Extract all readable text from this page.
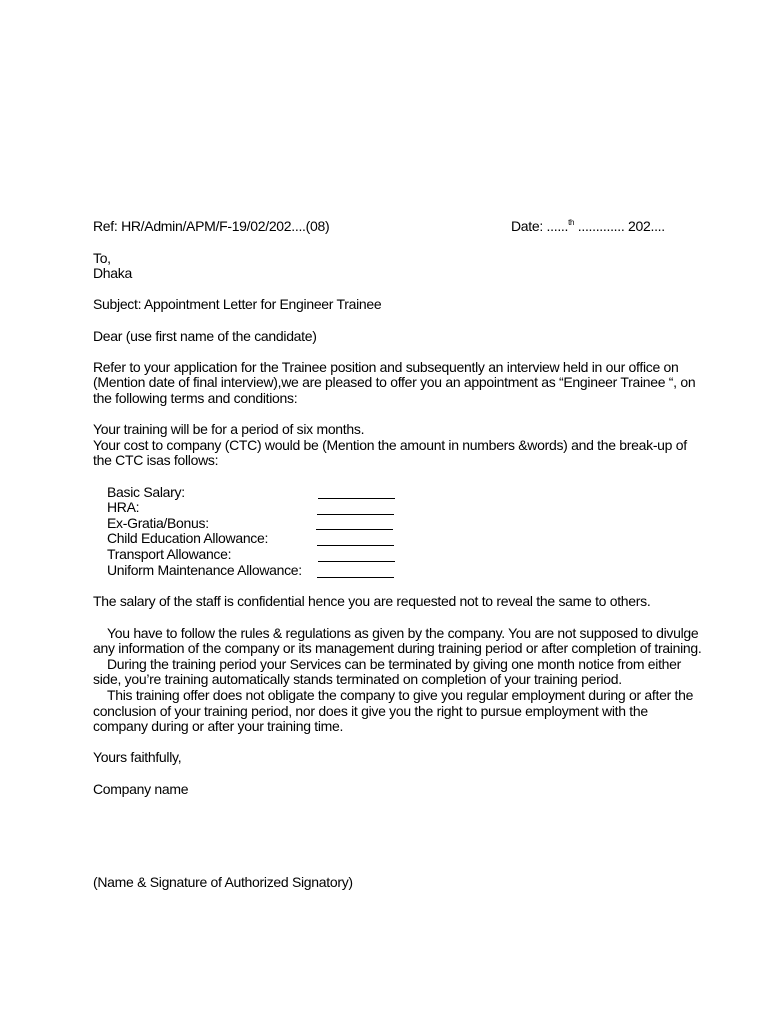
Ref: HR/Admin/APM/F-19/02/202....(08)	Date: ......$^{th}$ ............. 202....
To,
Dhaka
Subject: Appointment Letter for Engineer Trainee
Dear (use first name of the candidate)
Refer to your application for the Trainee position and subsequently an interview held in our office on
(Mention date of final interview),we are pleased to offer you an appointment as “Engineer Trainee “, on
the following terms and conditions:
Your training will be for a period of six months.
Your cost to company (CTC) would be (Mention the amount in numbers &words) and the break-up of
the CTC isas follows:
Basic Salary:
HRA:
Ex-Gratia/Bonus:
Child Education Allowance:
Transport Allowance:
Uniform Maintenance Allowance:
The salary of the staff is confidential hence you are requested not to reveal the same to others.
You have to follow the rules & regulations as given by the company. You are not supposed to divulge
any information of the company or its management during training period or after completion of training.
During the training period your Services can be terminated by giving one month notice from either
side, you’re training automatically stands terminated on completion of your training period.
This training offer does not obligate the company to give you regular employment during or after the
conclusion of your training period, nor does it give you the right to pursue employment with the
company during or after your training time.
Yours faithfully,
Company name
(Name & Signature of Authorized Signatory)
